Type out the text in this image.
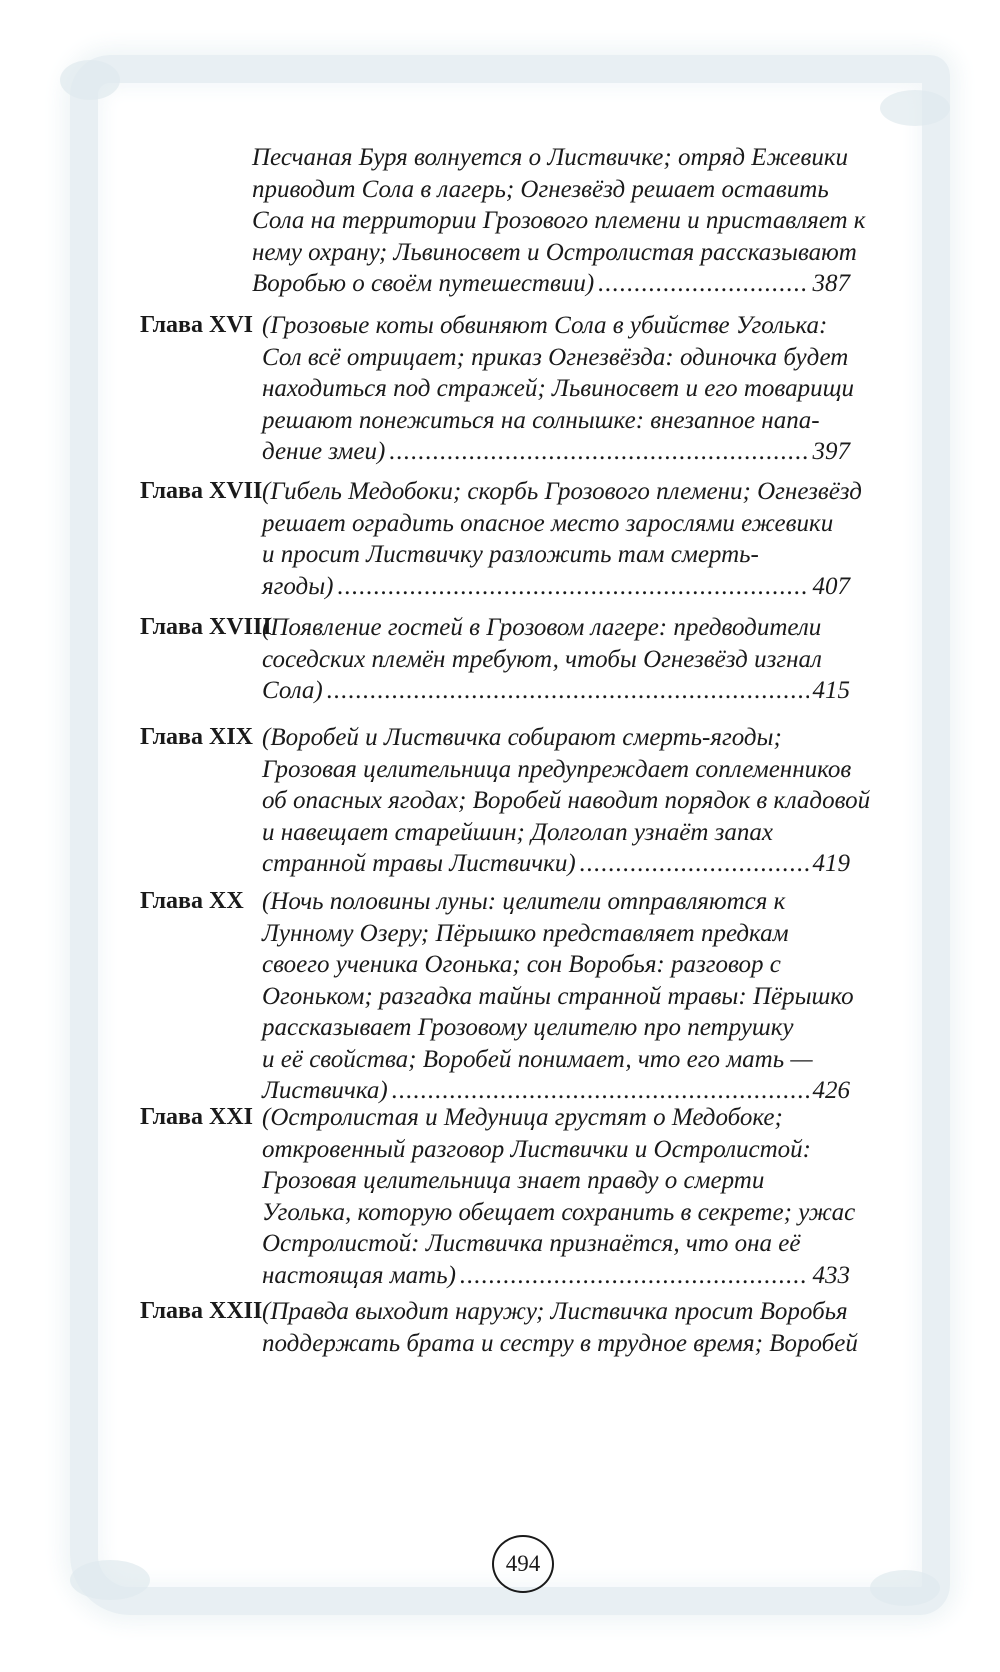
Песчаная Буря волнуется о Листвичке; отряд Ежевики
приводит Сола в лагерь; Огнезвёзд решает оставить
Сола на территории Грозового племени и приставляет к
нему охрану; Львиносвет и Остролистая рассказывают
Воробью о своём путешествии)	387
.....
Глава XVI (Грозовые коты обвиняют Сола в убийстве Уголька:
Сол всё отрицает; приказ Огнезвёзда: одиночка будет
находиться под стражей; Львиносвет и его товарищи
решают понежиться на солнышке: внезапное напа-
дение змеи)	397
.....
Глава XVII (Гибель Медобоки; скорбь Грозового племени; Огнезвёзд
решает оградить опасное место зарослями ежевики
и просит Листвичку разложить там смерть-
ягоды)	407
.....
Глава XVIII
(Появление гостей в Грозовом лагере: предводители
соседских племён требуют, чтобы Огнезвёзд изгнал
Сола)	415
.....
Глава XIX (Воробей и Листвичка собирают смерть-ягоды;
Грозовая целительница предупреждает соплеменников
об опасных ягодах; Воробей наводит порядок в кладовой
и навещает старейшин; Долголап узнаёт запах
странной травы Листвички)	419
.....
Глава XX (Ночь половины луны: целители отправляются к
Лунному Озеру; Пёрышко представляет предкам
своего ученика Огонька; сон Воробья: разговор с
Огоньком; разгадка тайны странной травы: Пёрышко
рассказывает Грозовому целителю про петрушку
и её свойства; Воробей понимает, что его мать —
Листвичка)	426
.....
Глава XXI (Остролистая и Медуница грустят о Медобоке;
откровенный разговор Листвички и Остролистой:
Грозовая целительница знает правду о смерти
Уголька, которую обещает сохранить в секрете; ужас
Остролистой: Листвичка признаётся, что она её
настоящая мать)	433
.....
Глава XXII (Правда выходит наружу; Листвичка просит Воробья
поддержать брата и сестру в трудное время; Воробей
494
